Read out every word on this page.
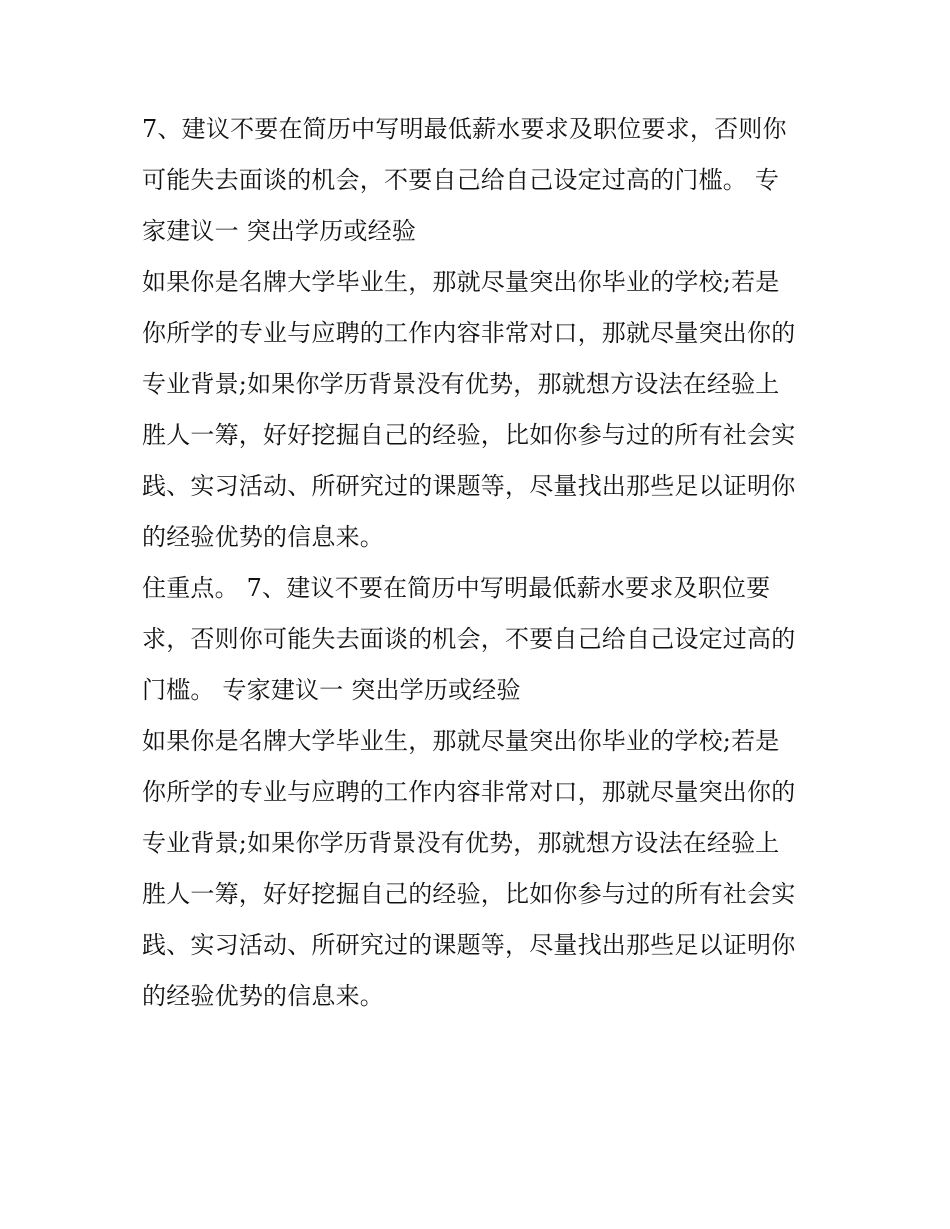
7、建议不要在简历中写明最低薪水要求及职位要求，否则你
可能失去面谈的机会，不要自己给自己设定过高的门槛。 专
家建议一 突出学历或经验
如果你是名牌大学毕业生，那就尽量突出你毕业的学校;若是
你所学的专业与应聘的工作内容非常对口，那就尽量突出你的
专业背景;如果你学历背景没有优势，那就想方设法在经验上
胜人一筹，好好挖掘自己的经验，比如你参与过的所有社会实
践、实习活动、所研究过的课题等，尽量找出那些足以证明你
的经验优势的信息来。
住重点。 7、建议不要在简历中写明最低薪水要求及职位要
求，否则你可能失去面谈的机会，不要自己给自己设定过高的
门槛。 专家建议一 突出学历或经验
如果你是名牌大学毕业生，那就尽量突出你毕业的学校;若是
你所学的专业与应聘的工作内容非常对口，那就尽量突出你的
专业背景;如果你学历背景没有优势，那就想方设法在经验上
胜人一筹，好好挖掘自己的经验，比如你参与过的所有社会实
践、实习活动、所研究过的课题等，尽量找出那些足以证明你
的经验优势的信息来。
